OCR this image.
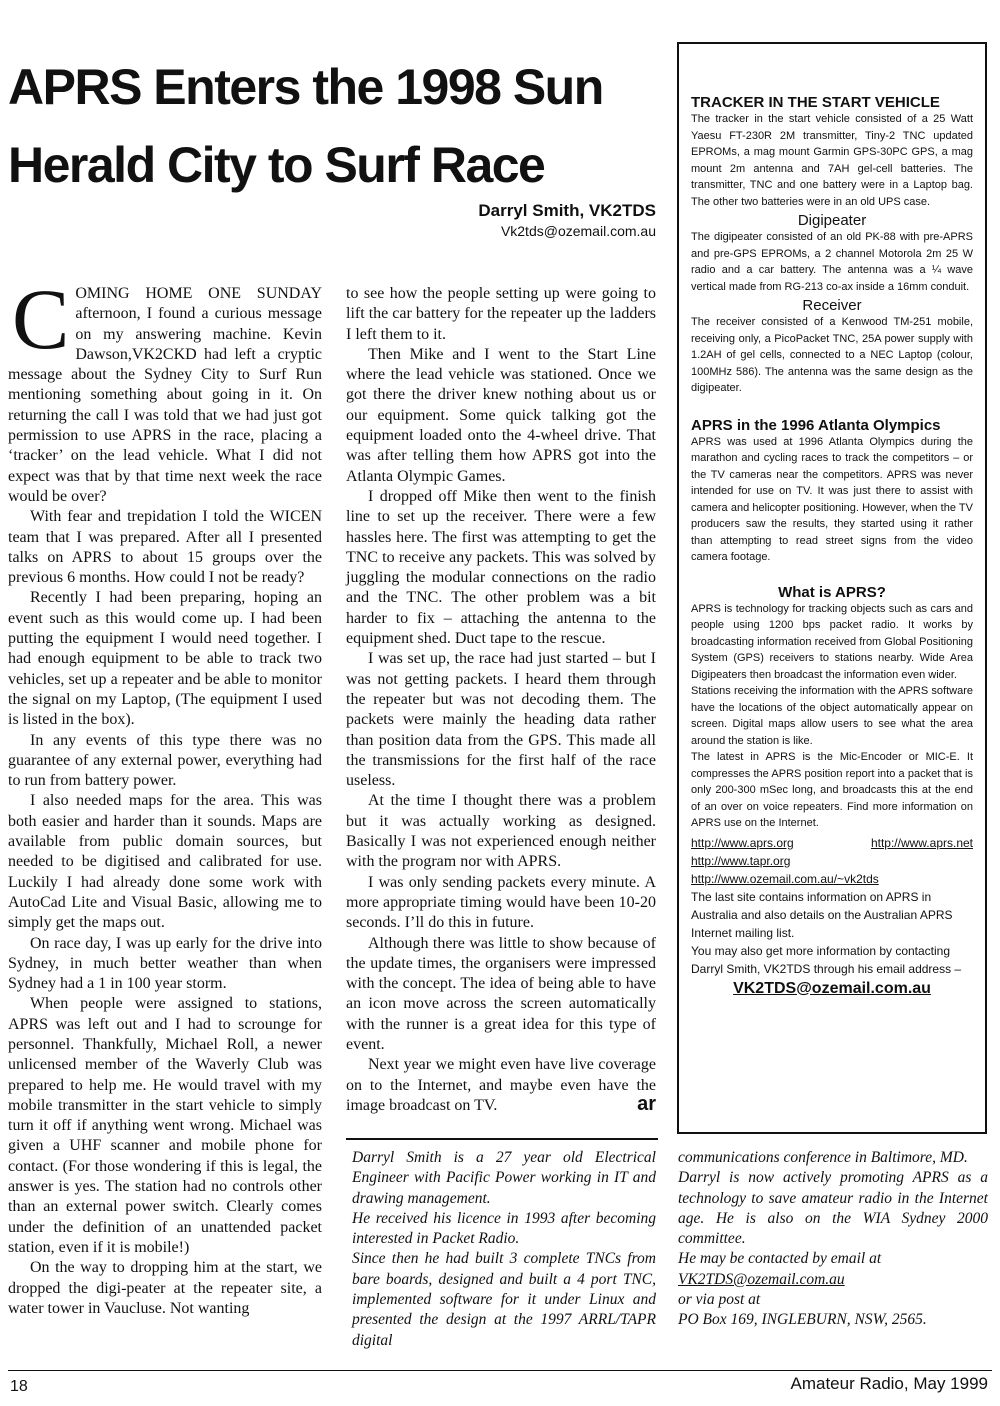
APRS Enters the 1998 Sun Herald City to Surf Race
Darryl Smith, VK2TDS
Vk2tds@ozemail.com.au

COMING HOME ONE SUNDAY afternoon, I found a curious message on my answering machine. Kevin Dawson,VK2CKD had left a cryptic message about the Sydney City to Surf Run mentioning something about going in it. On returning the call I was told that we had just got permission to use APRS in the race, placing a ‘tracker’ on the lead vehicle. What I did not expect was that by that time next week the race would be over?

With fear and trepidation I told the WICEN team that I was prepared. After all I presented talks on APRS to about 15 groups over the previous 6 months. How could I not be ready?

Recently I had been preparing, hoping an event such as this would come up. I had been putting the equipment I would need together. I had enough equipment to be able to track two vehicles, set up a repeater and be able to monitor the signal on my Laptop, (The equipment I used is listed in the box).

In any events of this type there was no guarantee of any external power, everything had to run from battery power.

I also needed maps for the area. This was both easier and harder than it sounds. Maps are available from public domain sources, but needed to be digitised and calibrated for use. Luckily I had already done some work with AutoCad Lite and Visual Basic, allowing me to simply get the maps out.

On race day, I was up early for the drive into Sydney, in much better weather than when Sydney had a 1 in 100 year storm.

When people were assigned to stations, APRS was left out and I had to scrounge for personnel. Thankfully, Michael Roll, a newer unlicensed member of the Waverly Club was prepared to help me. He would travel with my mobile transmitter in the start vehicle to simply turn it off if anything went wrong. Michael was given a UHF scanner and mobile phone for contact. (For those wondering if this is legal, the answer is yes. The station had no controls other than an external power switch. Clearly comes under the definition of an unattended packet station, even if it is mobile!)

On the way to dropping him at the start, we dropped the digi-peater at the repeater site, a water tower in Vaucluse. Not wanting

to see how the people setting up were going to lift the car battery for the repeater up the ladders I left them to it.

Then Mike and I went to the Start Line where the lead vehicle was stationed. Once we got there the driver knew nothing about us or our equipment. Some quick talking got the equipment loaded onto the 4-wheel drive. That was after telling them how APRS got into the Atlanta Olympic Games.

I dropped off Mike then went to the finish line to set up the receiver. There were a few hassles here. The first was attempting to get the TNC to receive any packets. This was solved by juggling the modular connections on the radio and the TNC. The other problem was a bit harder to fix – attaching the antenna to the equipment shed. Duct tape to the rescue.

I was set up, the race had just started – but I was not getting packets. I heard them through the repeater but was not decoding them. The packets were mainly the heading data rather than position data from the GPS. This made all the transmissions for the first half of the race useless.

At the time I thought there was a problem but it was actually working as designed. Basically I was not experienced enough neither with the program nor with APRS.

I was only sending packets every minute. A more appropriate timing would have been 10-20 seconds. I’ll do this in future.

Although there was little to show because of the update times, the organisers were impressed with the concept. The idea of being able to have an icon move across the screen automatically with the runner is a great idea for this type of event.

Next year we might even have live coverage on to the Internet, and maybe even have the image broadcast on TV.	ar

TRACKER IN THE START VEHICLE

The tracker in the start vehicle consisted of a 25 Watt Yaesu FT-230R 2M transmitter, Tiny-2 TNC updated EPROMs, a mag mount Garmin GPS-30PC GPS, a mag mount 2m antenna and 7AH gel-cell batteries. The transmitter, TNC and one battery were in a Laptop bag. The other two batteries were in an old UPS case.

Digipeater

The digipeater consisted of an old PK-88 with pre-APRS and pre-GPS EPROMs, a 2 channel Motorola 2m 25 W radio and a car battery. The antenna was a ¼ wave vertical made from RG-213 co-ax inside a 16mm conduit.

Receiver

The receiver consisted of a Kenwood TM-251 mobile, receiving only, a PicoPacket TNC, 25A power supply with 1.2AH of gel cells, connected to a NEC Laptop (colour, 100MHz 586). The antenna was the same design as the digipeater.

APRS in the 1996 Atlanta Olympics

APRS was used at 1996 Atlanta Olympics during the marathon and cycling races to track the competitors – or the TV cameras near the competitors. APRS was never intended for use on TV. It was just there to assist with camera and helicopter positioning. However, when the TV producers saw the results, they started using it rather than attempting to read street signs from the video camera footage.

What is APRS?

APRS is technology for tracking objects such as cars and people using 1200 bps packet radio. It works by broadcasting information received from Global Positioning System (GPS) receivers to stations nearby. Wide Area Digipeaters then broadcast the information even wider.

Stations receiving the information with the APRS software have the locations of the object automatically appear on screen. Digital maps allow users to see what the area around the station is like.

The latest in APRS is the Mic-Encoder or MIC-E. It compresses the APRS position report into a packet that is only 200-300 mSec long, and broadcasts this at the end of an over on voice repeaters. Find more information on APRS use on the Internet.

http://www.aprs.org	http://www.aprs.net
http://www.tapr.org
http://www.ozemail.com.au/~vk2tds

The last site contains information on APRS in Australia and also details on the Australian APRS Internet mailing list.

You may also get more information by contacting Darryl Smith, VK2TDS through his email address –

VK2TDS@ozemail.com.au

Darryl Smith is a 27 year old Electrical Engineer with Pacific Power working in IT and drawing management.

He received his licence in 1993 after becoming interested in Packet Radio.

Since then he had built 3 complete TNCs from bare boards, designed and built a 4 port TNC, implemented software for it under Linux and presented the design at the 1997 ARRL/TAPR digital

communications conference in Baltimore, MD.

Darryl is now actively promoting APRS as a technology to save amateur radio in the Internet age. He is also on the WIA Sydney 2000 committee.

He may be contacted by email at

VK2TDS@ozemail.com.au

or via post at

PO Box 169, INGLEBURN, NSW, 2565.

18	Amateur Radio, May 1999
